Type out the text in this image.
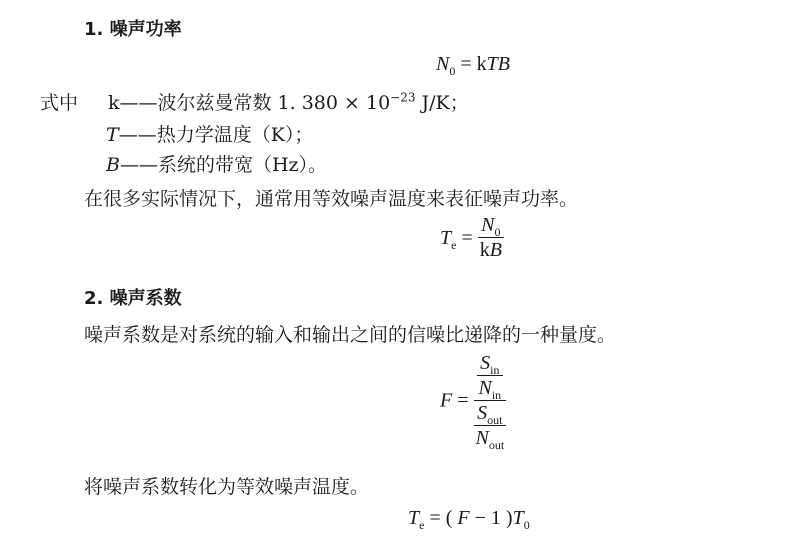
1. 噪声功率
$N_0$ = kTB
式中 k——波尔兹曼常数 1. $380 \times 10^{-23}$ J/K；
T——热力学温度（K）；
B——系统的带宽（Hz）。
在很多实际情况下，通常用等效噪声温度来表征噪声功率。
$T_e = \frac{N_0}{kB}$
2. 噪声系数
噪声系数是对系统的输入和输出之间的信噪比递降的一种量度。
$F = \frac{\frac{S_{in}}{N_{in}}}{\frac{S_{out}}{N_{out}}}$
将噪声系数转化为等效噪声温度。
$T_e$ = ( F − 1 )$T_0$
